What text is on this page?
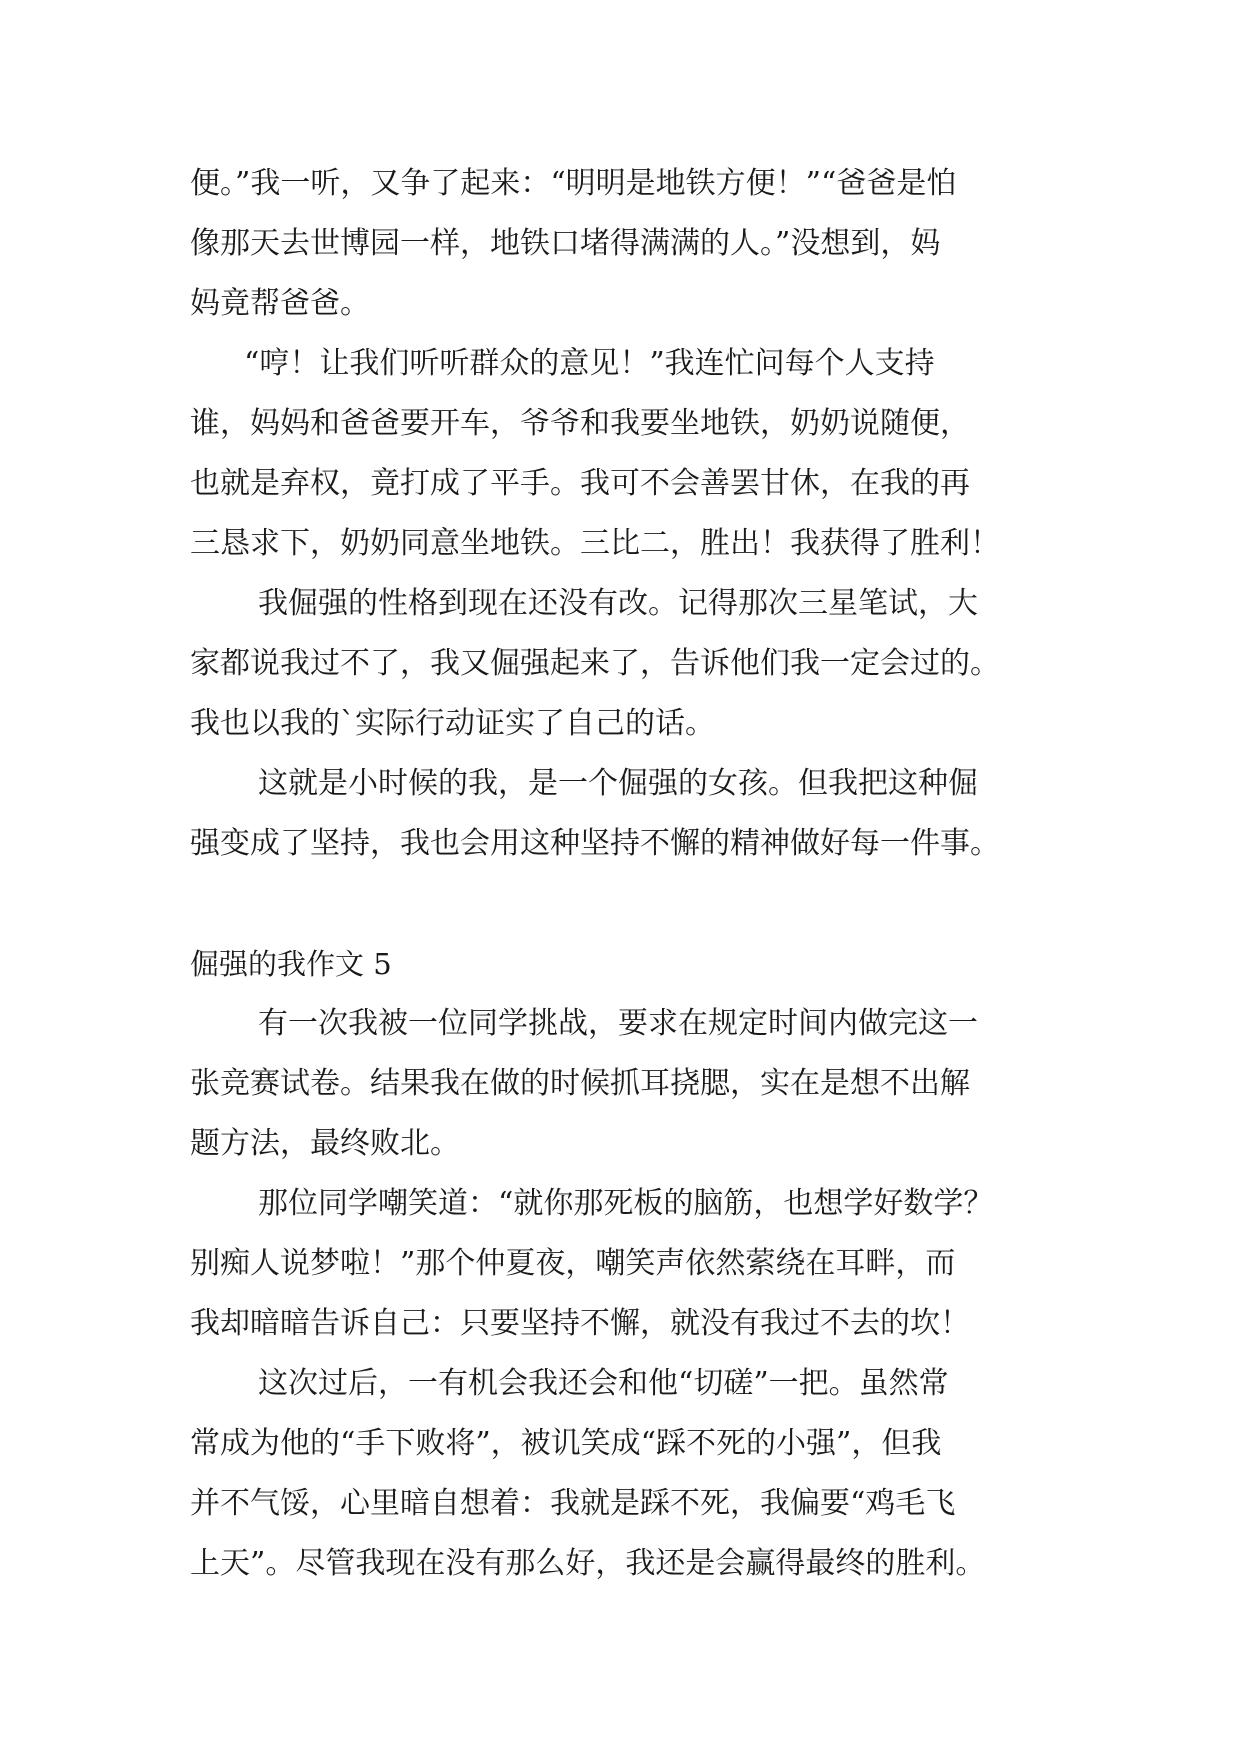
便。”我一听，又争了起来：“明明是地铁方便！”“爸爸是怕
像那天去世博园一样，地铁口堵得满满的人。”没想到，妈
妈竟帮爸爸。
“哼！让我们听听群众的意见！”我连忙问每个人支持
谁，妈妈和爸爸要开车，爷爷和我要坐地铁，奶奶说随便，
也就是弃权，竟打成了平手。我可不会善罢甘休，在我的再
三恳求下，奶奶同意坐地铁。三比二，胜出！我获得了胜利！
我倔强的性格到现在还没有改。记得那次三星笔试，大
家都说我过不了，我又倔强起来了，告诉他们我一定会过的。
我也以我的`实际行动证实了自己的话。
这就是小时候的我，是一个倔强的女孩。但我把这种倔
强变成了坚持，我也会用这种坚持不懈的精神做好每一件事。
倔强的我作文 5
有一次我被一位同学挑战，要求在规定时间内做完这一
张竞赛试卷。结果我在做的时候抓耳挠腮，实在是想不出解
题方法，最终败北。
那位同学嘲笑道：“就你那死板的脑筋，也想学好数学？
别痴人说梦啦！”那个仲夏夜，嘲笑声依然萦绕在耳畔，而
我却暗暗告诉自己：只要坚持不懈，就没有我过不去的坎！
这次过后，一有机会我还会和他“切磋”一把。虽然常
常成为他的“手下败将”，被讥笑成“踩不死的小强”，但我
并不气馁，心里暗自想着：我就是踩不死，我偏要“鸡毛飞
上天”。尽管我现在没有那么好，我还是会赢得最终的胜利。
